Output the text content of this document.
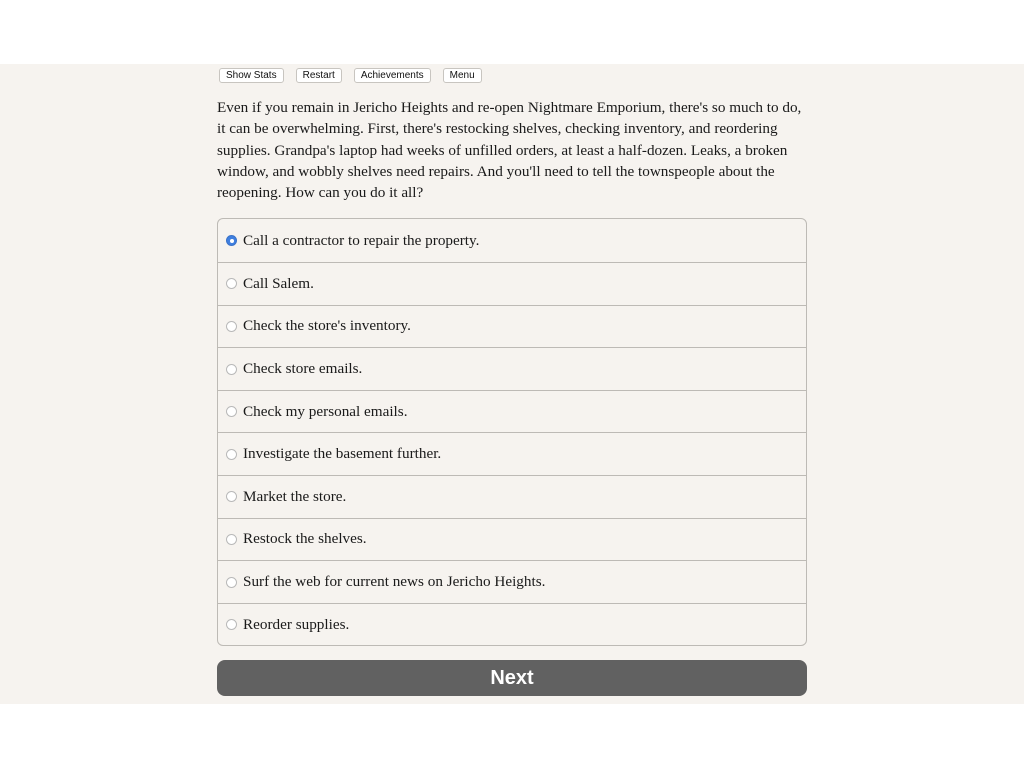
Show Stats	Restart	Achievements	Menu

Even if you remain in Jericho Heights and re-open Nightmare Emporium, there's so much to do, it can be overwhelming. First, there's restocking shelves, checking inventory, and reordering supplies. Grandpa's laptop had weeks of unfilled orders, at least a half-dozen. Leaks, a broken window, and wobbly shelves need repairs. And you'll need to tell the townspeople about the reopening. How can you do it all?

Call a contractor to repair the property.
Call Salem.
Check the store's inventory.
Check store emails.
Check my personal emails.
Investigate the basement further.
Market the store.
Restock the shelves.
Surf the web for current news on Jericho Heights.
Reorder supplies.
Next
